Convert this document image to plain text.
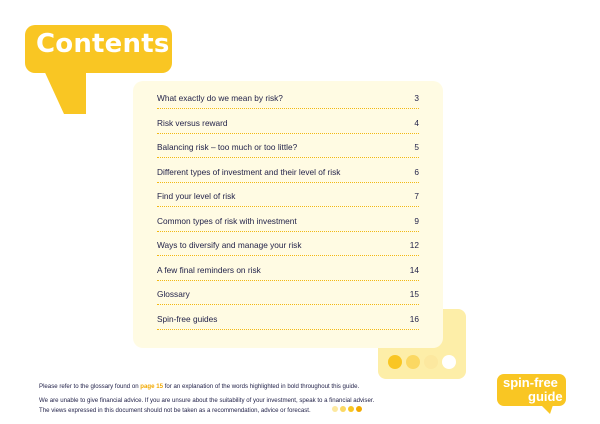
Contents
What exactly do we mean by risk?	3
Risk versus reward	4
Balancing risk – too much or too little?	5
Different types of investment and their level of risk	6
Find your level of risk	7
Common types of risk with investment	9
Ways to diversify and manage your risk	12
A few final reminders on risk	14
Glossary	15
Spin-free guides	16
Please refer to the glossary found on page 15 for an explanation of the words highlighted in bold throughout this guide.
We are unable to give financial advice. If you are unsure about the suitability of your investment, speak to a financial adviser.
The views expressed in this document should not be taken as a recommendation, advice or forecast.
spin-free
guide
